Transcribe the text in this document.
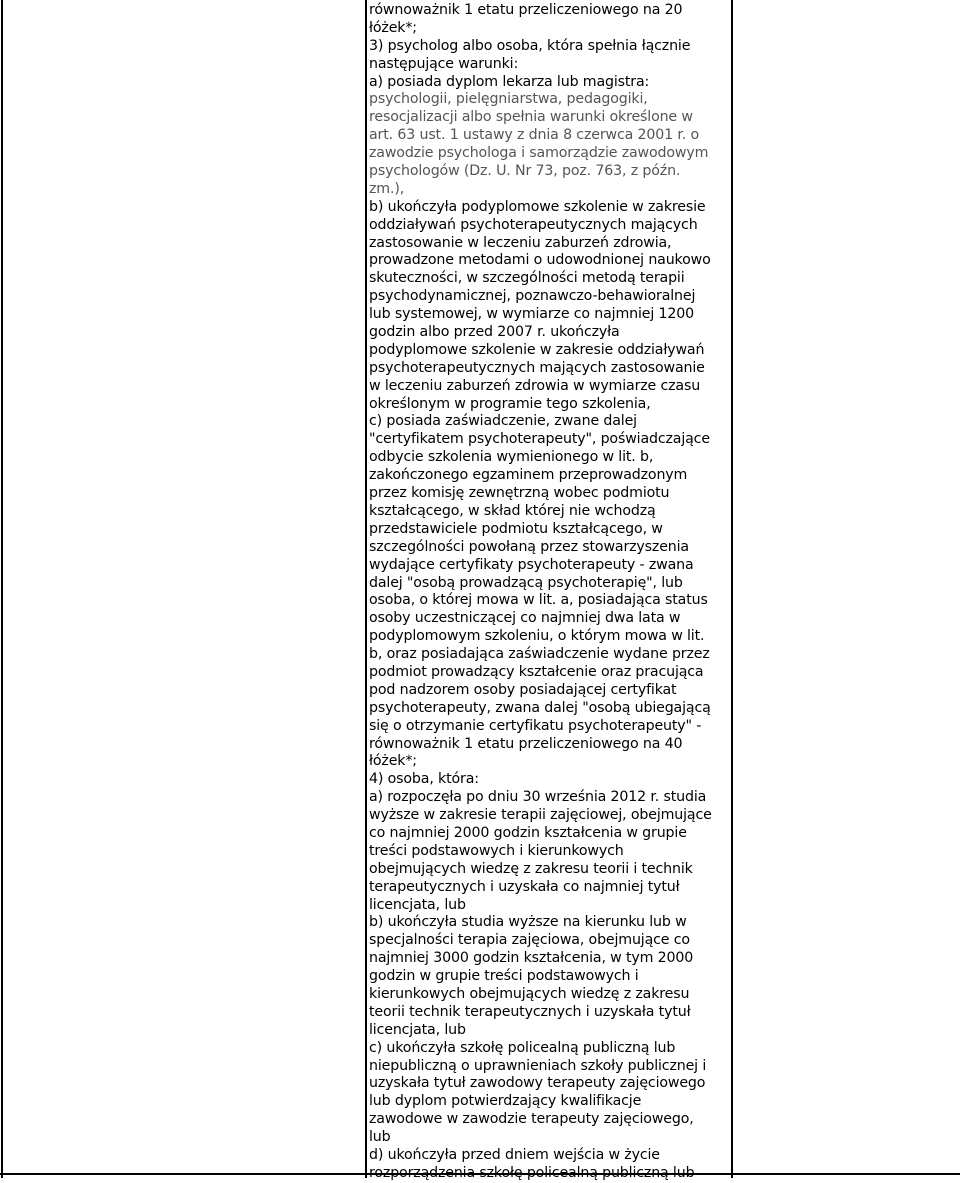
równoważnik 1 etatu przeliczeniowego na 20
łóżek*;
3) psycholog albo osoba, która spełnia łącznie
następujące warunki:
a) posiada dyplom lekarza lub magistra:
psychologii, pielęgniarstwa, pedagogiki,
resocjalizacji albo spełnia warunki określone w
art. 63 ust. 1 ustawy z dnia 8 czerwca 2001 r. o
zawodzie psychologa i samorządzie zawodowym
psychologów (Dz. U. Nr 73, poz. 763, z późn.
zm.),
b) ukończyła podyplomowe szkolenie w zakresie
oddziaływań psychoterapeutycznych mających
zastosowanie w leczeniu zaburzeń zdrowia,
prowadzone metodami o udowodnionej naukowo
skuteczności, w szczególności metodą terapii
psychodynamicznej, poznawczo-behawioralnej
lub systemowej, w wymiarze co najmniej 1200
godzin albo przed 2007 r. ukończyła
podyplomowe szkolenie w zakresie oddziaływań
psychoterapeutycznych mających zastosowanie
w leczeniu zaburzeń zdrowia w wymiarze czasu
określonym w programie tego szkolenia,
c) posiada zaświadczenie, zwane dalej
"certyfikatem psychoterapeuty", poświadczające
odbycie szkolenia wymienionego w lit. b,
zakończonego egzaminem przeprowadzonym
przez komisję zewnętrzną wobec podmiotu
kształcącego, w skład której nie wchodzą
przedstawiciele podmiotu kształcącego, w
szczególności powołaną przez stowarzyszenia
wydające certyfikaty psychoterapeuty - zwana
dalej "osobą prowadzącą psychoterapię", lub
osoba, o której mowa w lit. a, posiadająca status
osoby uczestniczącej co najmniej dwa lata w
podyplomowym szkoleniu, o którym mowa w lit.
b, oraz posiadająca zaświadczenie wydane przez
podmiot prowadzący kształcenie oraz pracująca
pod nadzorem osoby posiadającej certyfikat
psychoterapeuty, zwana dalej "osobą ubiegającą
się o otrzymanie certyfikatu psychoterapeuty" -
równoważnik 1 etatu przeliczeniowego na 40
łóżek*;
4) osoba, która:
a) rozpoczęła po dniu 30 września 2012 r. studia
wyższe w zakresie terapii zajęciowej, obejmujące
co najmniej 2000 godzin kształcenia w grupie
treści podstawowych i kierunkowych
obejmujących wiedzę z zakresu teorii i technik
terapeutycznych i uzyskała co najmniej tytuł
licencjata, lub
b) ukończyła studia wyższe na kierunku lub w
specjalności terapia zajęciowa, obejmujące co
najmniej 3000 godzin kształcenia, w tym 2000
godzin w grupie treści podstawowych i
kierunkowych obejmujących wiedzę z zakresu
teorii technik terapeutycznych i uzyskała tytuł
licencjata, lub
c) ukończyła szkołę policealną publiczną lub
niepubliczną o uprawnieniach szkoły publicznej i
uzyskała tytuł zawodowy terapeuty zajęciowego
lub dyplom potwierdzający kwalifikacje
zawodowe w zawodzie terapeuty zajęciowego,
lub
d) ukończyła przed dniem wejścia w życie
rozporządzenia szkołę policealną publiczną lub
